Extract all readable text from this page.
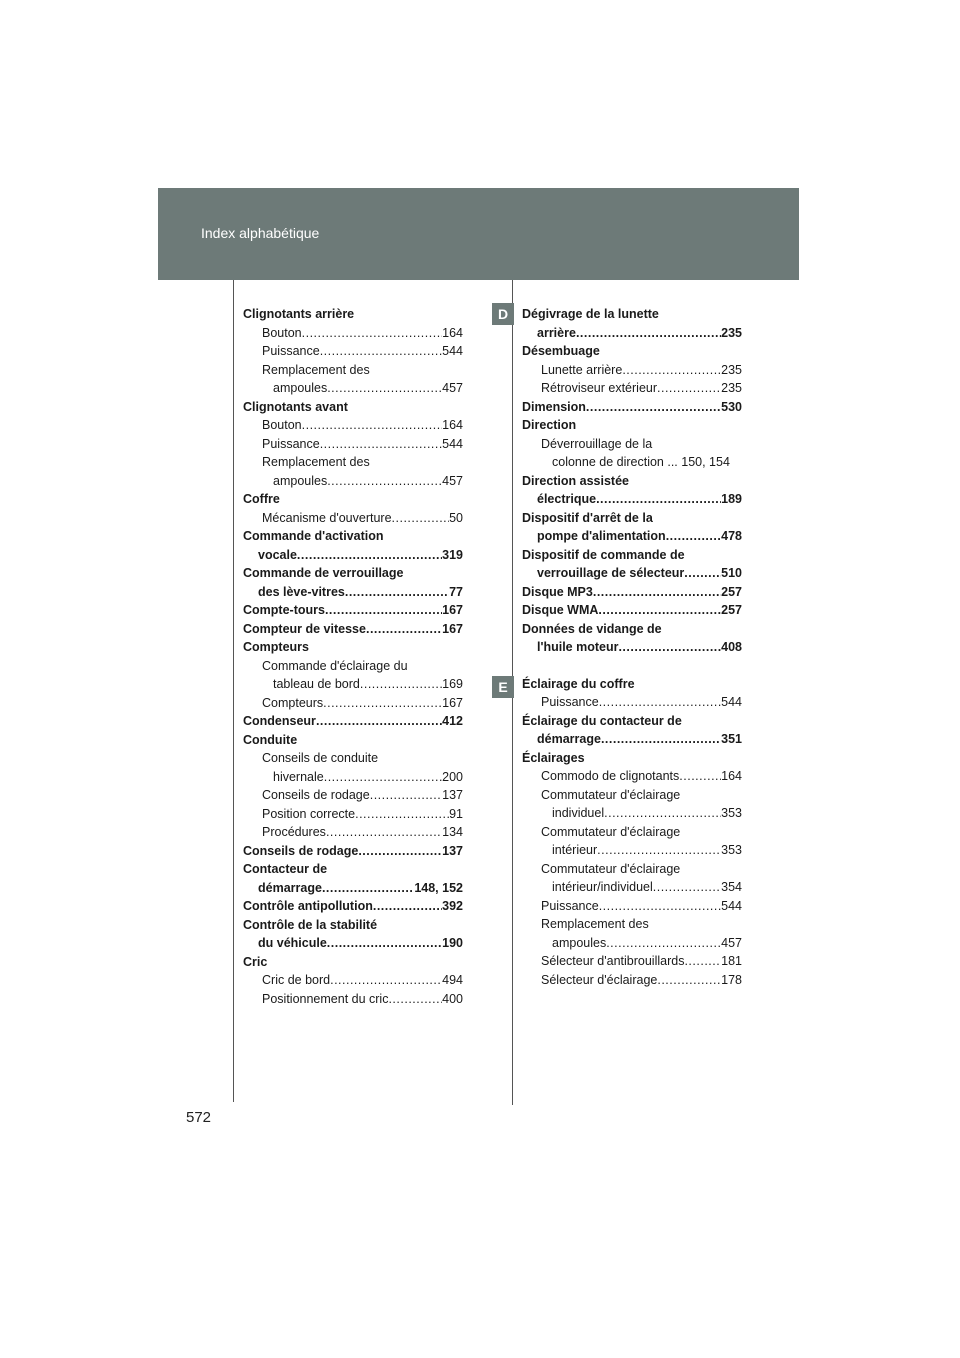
Index alphabétique
D
E
Clignotants arrière
Bouton .....	164
Puissance .....	544
Remplacement des
ampoules .....	457
Clignotants avant
Bouton .....	164
Puissance .....	544
Remplacement des
ampoules .....	457
Coffre
Mécanisme d'ouverture .....	50
Commande d'activation
vocale .....	319
Commande de verrouillage
des lève-vitres .....	77
Compte-tours .....	167
Compteur de vitesse .....	167
Compteurs
Commande d'éclairage du
tableau de bord .....	169
Compteurs .....	167
Condenseur .....	412
Conduite
Conseils de conduite
hivernale .....	200
Conseils de rodage .....	137
Position correcte .....	91
Procédures .....	134
Conseils de rodage .....	137
Contacteur de
démarrage .....	148, 152
Contrôle antipollution .....	392
Contrôle de la stabilité
du véhicule .....	190
Cric
Cric de bord .....	494
Positionnement du cric .....	400
Dégivrage de la lunette
arrière .....	235
Désembuage
Lunette arrière .....	235
Rétroviseur extérieur .....	235
Dimension .....	530
Direction
Déverrouillage de la
colonne de direction ... 150, 154
Direction assistée
électrique .....	189
Dispositif d'arrêt de la
pompe d'alimentation .....	478
Dispositif de commande de
verrouillage de sélecteur .....	510
Disque MP3 .....	257
Disque WMA .....	257
Données de vidange de
l'huile moteur .....	408
Éclairage du coffre
Puissance .....	544
Éclairage du contacteur de
démarrage .....	351
Éclairages
Commodo de clignotants .....	164
Commutateur d'éclairage
individuel .....	353
Commutateur d'éclairage
intérieur .....	353
Commutateur d'éclairage
intérieur/individuel .....	354
Puissance .....	544
Remplacement des
ampoules .....	457
Sélecteur d'antibrouillards .....	181
Sélecteur d'éclairage .....	178
572
